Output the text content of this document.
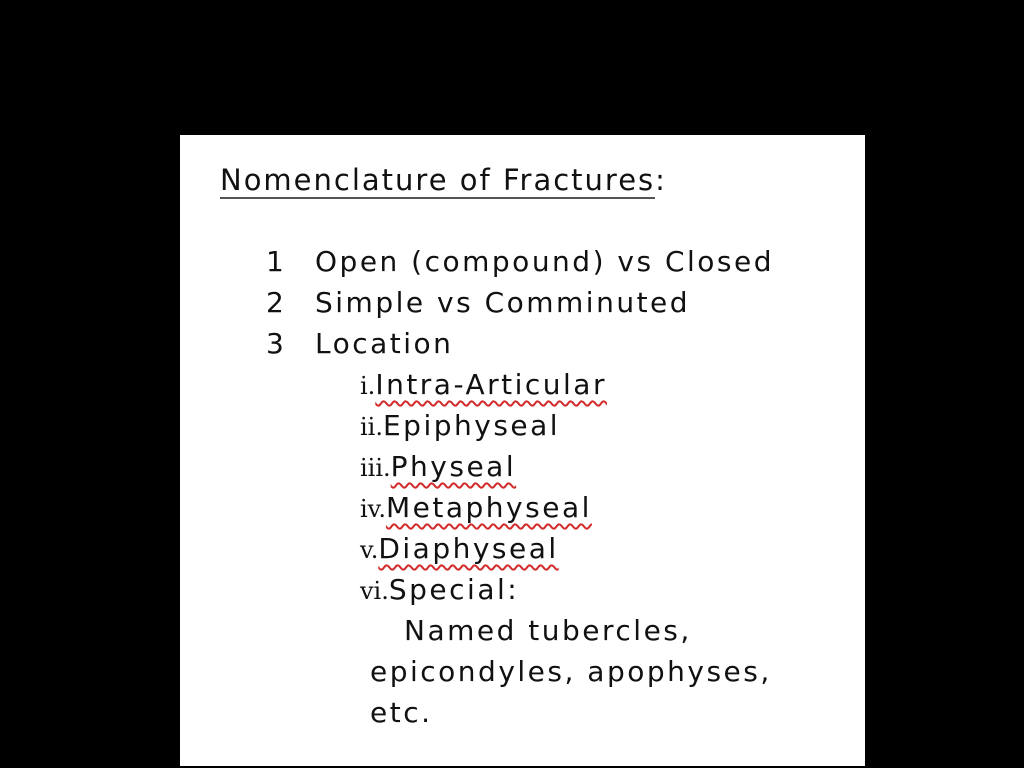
Nomenclature of Fractures:
1 Open (compound) vs Closed
2 Simple vs Comminuted
3 Location
i.Intra-Articular
ii.Epiphyseal
iii.Physeal
iv.Metaphyseal
v.Diaphyseal
vi.Special:
Named tubercles,
epicondyles, apophyses,
etc.
